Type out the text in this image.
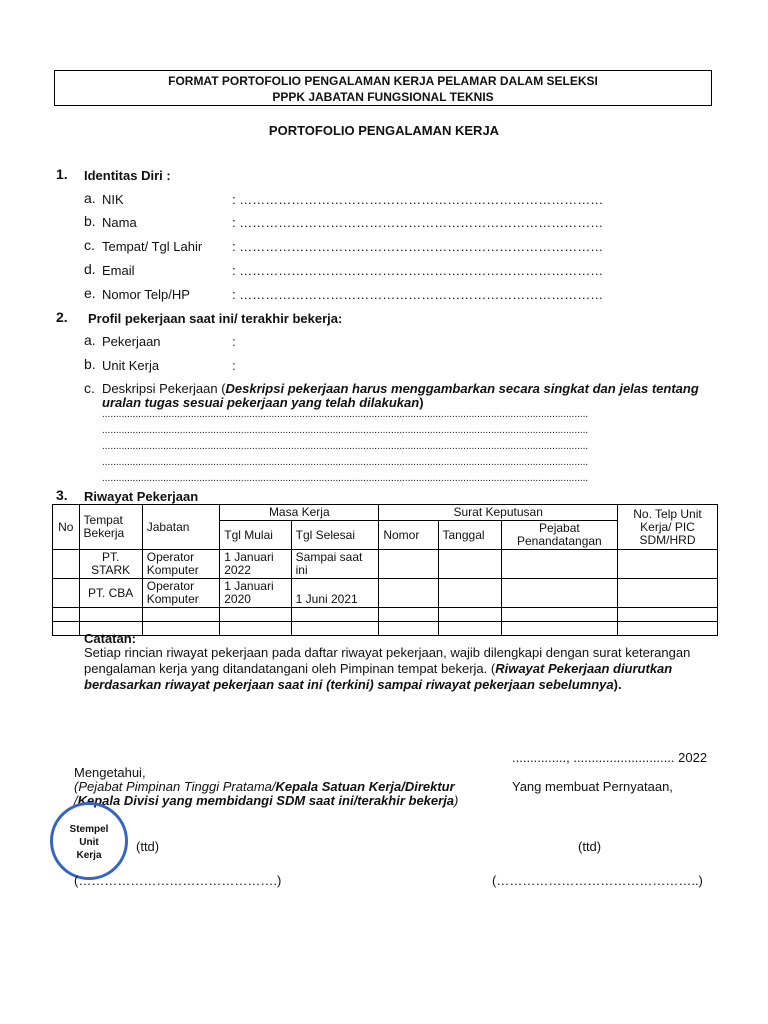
FORMAT PORTOFOLIO PENGALAMAN KERJA PELAMAR DALAM SELEKSI
PPPK JABATAN FUNGSIONAL TEKNIS
PORTOFOLIO PENGALAMAN KERJA
1. Identitas Diri :
a. NIK	: …………………………………………………………………………
b. Nama	: …………………………………………………………………………
c. Tempat/ Tgl Lahir : …………………………………………………………………………
d. Email	: …………………………………………………………………………
e. Nomor Telp/HP	: …………………………………………………………………………
2. Profil pekerjaan saat ini/ terakhir bekerja:
a. Pekerjaan	:
b. Unit Kerja	:
c. Deskripsi Pekerjaan (Deskripsi pekerjaan harus menggambarkan secara singkat dan jelas tentang
uralan tugas sesuai pekerjaan yang telah dilakukan)
...............................................................................................................................................................................
...............................................................................................................................................................................
...............................................................................................................................................................................
...............................................................................................................................................................................
...............................................................................................................................................................................
3. Riwayat Pekerjaan
No	Tempat Bekerja	Jabatan	Masa Kerja		Surat Keputusan			No. Telp Unit Kerja/ PIC SDM/HRD
			Tgl Mulai	Tgl Selesai	Nomor	Tanggal	Pejabat Penandatangan	
	PT. STARK	Operator Komputer	1 Januari 2022	Sampai saat ini				
	PT. CBA	Operator Komputer	1 Januari 2020	1 Juni 2021				

Catatan:
Setiap rincian riwayat pekerjaan pada daftar riwayat pekerjaan, wajib dilengkapi dengan surat keterangan
pengalaman kerja yang ditandatangani oleh Pimpinan tempat bekerja. (Riwayat Pekerjaan diurutkan
berdasarkan riwayat pekerjaan saat ini (terkini) sampai riwayat pekerjaan sebelumnya).
..............., ............................ 2022
Mengetahui,
(Pejabat Pimpinan Tinggi Pratama/Kepala Satuan Kerja/Direktur
/Kepala Divisi yang membidangi SDM saat ini/terakhir bekerja)
Yang membuat Pernyataan,
Stempel
Unit
Kerja
(ttd)	(ttd)
(……………………………………….)	(………………………………………..)
